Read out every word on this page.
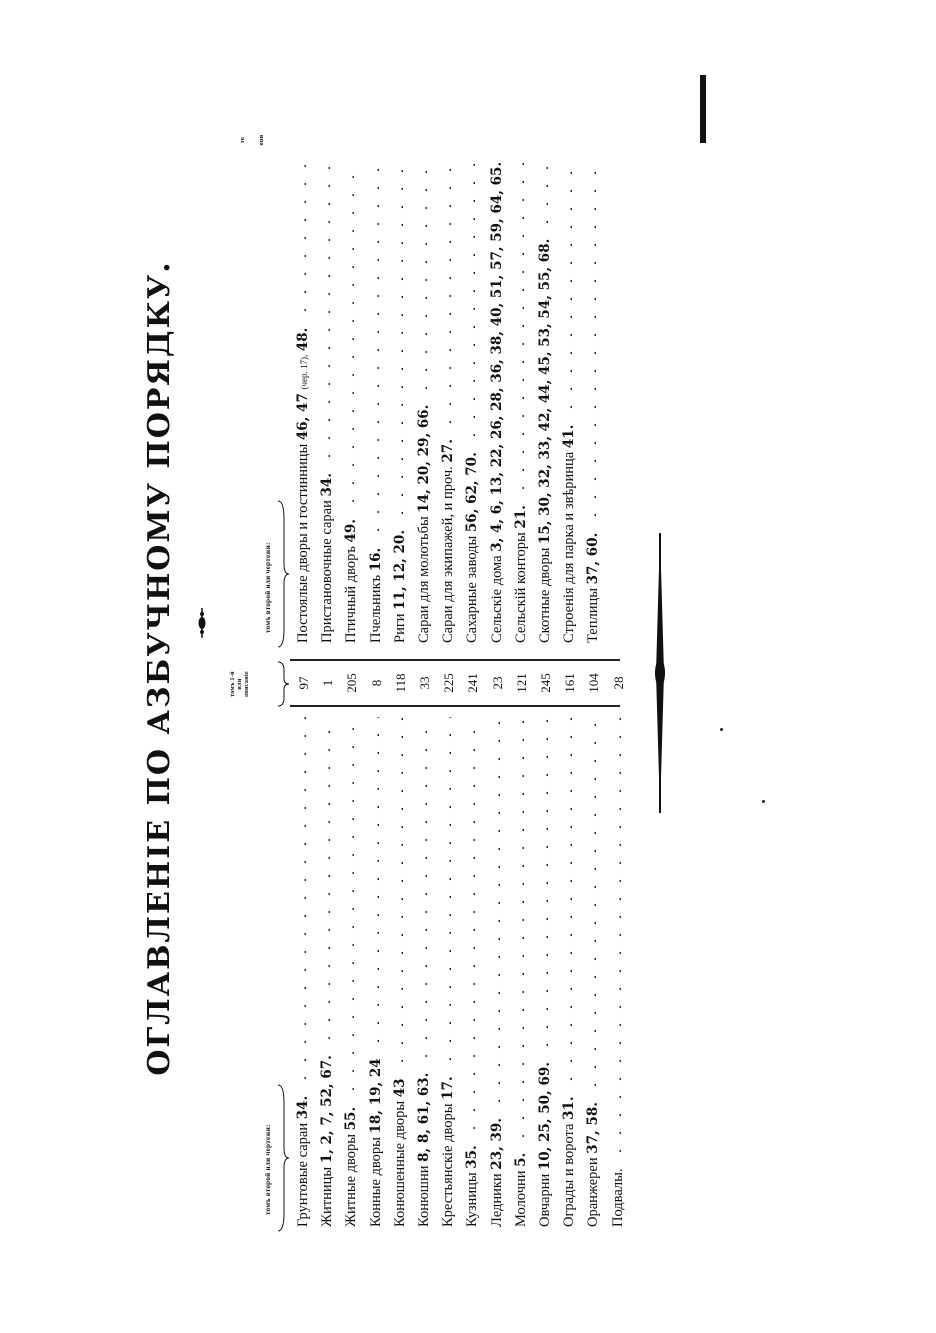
ОГЛАВЛЕНІЕ ПО АЗБУЧНОМУ ПОРЯДКУ.
томъ второй или чертежи: Грунтовые сараи 34.
Житницы 1, 2, 7, 52, 67.
Житные дворы 55.
Конные дворы 18, 19, 24
Конюшенные дворы 43
Конюшни 8, 8, 61, 63. Крестьянскіе дворы 17.
Кузницы 35.
Ледники 23, 39.
Молочни 5.
Овчарни 10, 25, 50, 69.
Ограды и ворота 31.
Оранжереи 37, 58.
Подвалы.
томъ 1-й или описаніе	97 1 205 8 118 33 225 241 23 121 245 161 104 28
томъ второй или чертежи: Постоялые дворы и гостинницы 46, 47 (чер. 17), 48.
Пристановочные сараи 34.
Птичный дворъ 49.
Пчельникъ 16.
Риги 11, 12, 20. Сараи для молотьбы 14, 20, 29, 66.
Сараи для экипажей, и проч. 27.
Сахарные заводы 56, 62, 70.
Сельскіе дома 3, 4, 6, 13, 22, 26, 28, 36, 38, 40, 51, 57, 59, 64, 65.
Сельскій конторы 21.
Скотные дворы 15, 30, 32, 33, 42, 44, 45, 53, 54, 55, 68.
Строенія для парка и звѣринца 41.
Теплицы 37, 60.
то опи
